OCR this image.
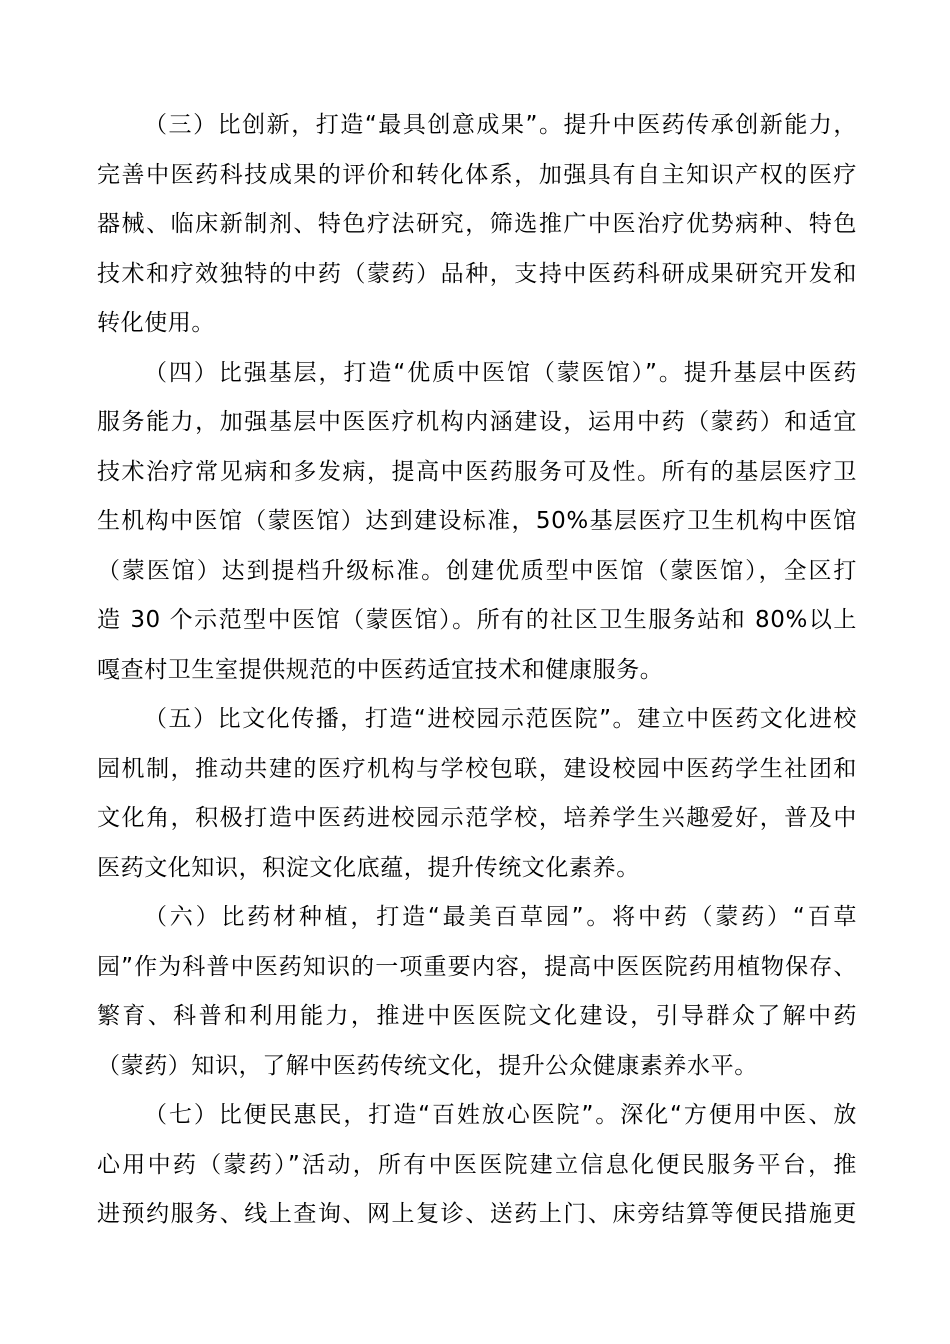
（三）比创新，打造“最具创意成果”。提升中医药传承创新能力，
完善中医药科技成果的评价和转化体系，加强具有自主知识产权的医疗
器械、临床新制剂、特色疗法研究，筛选推广中医治疗优势病种、特色
技术和疗效独特的中药（蒙药）品种，支持中医药科研成果研究开发和
转化使用。
（四）比强基层，打造“优质中医馆（蒙医馆）”。提升基层中医药
服务能力，加强基层中医医疗机构内涵建设，运用中药（蒙药）和适宜
技术治疗常见病和多发病，提高中医药服务可及性。所有的基层医疗卫
生机构中医馆（蒙医馆）达到建设标准，50%基层医疗卫生机构中医馆
（蒙医馆）达到提档升级标准。创建优质型中医馆（蒙医馆），全区打
造 30 个示范型中医馆（蒙医馆）。所有的社区卫生服务站和 80%以上
嘎查村卫生室提供规范的中医药适宜技术和健康服务。
（五）比文化传播，打造“进校园示范医院”。建立中医药文化进校
园机制，推动共建的医疗机构与学校包联，建设校园中医药学生社团和
文化角，积极打造中医药进校园示范学校，培养学生兴趣爱好，普及中
医药文化知识，积淀文化底蕴，提升传统文化素养。
（六）比药材种植，打造“最美百草园”。将中药（蒙药）“百草
园”作为科普中医药知识的一项重要内容，提高中医医院药用植物保存、
繁育、科普和利用能力，推进中医医院文化建设，引导群众了解中药
（蒙药）知识，了解中医药传统文化，提升公众健康素养水平。
（七）比便民惠民，打造“百姓放心医院”。深化“方便用中医、放
心用中药（蒙药）”活动，所有中医医院建立信息化便民服务平台，推
进预约服务、线上查询、网上复诊、送药上门、床旁结算等便民措施更
